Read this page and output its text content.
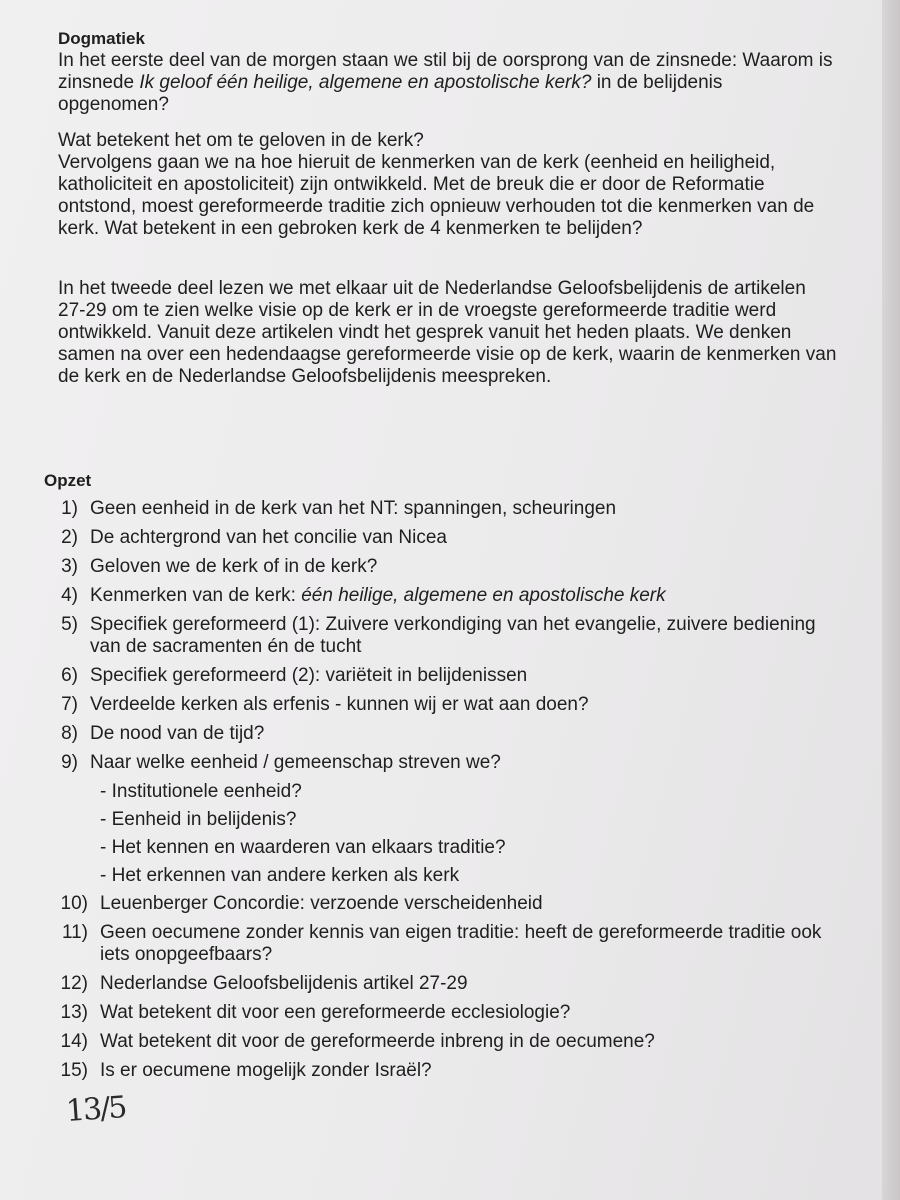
Dogmatiek

In het eerste deel van de morgen staan we stil bij de oorsprong van de zinsnede: Waarom is
zinsnede Ik geloof één heilige, algemene en apostolische kerk? in de belijdenis opgenomen?

Wat betekent het om te geloven in de kerk?
Vervolgens gaan we na hoe hieruit de kenmerken van de kerk (eenheid en heiligheid,
katholiciteit en apostoliciteit) zijn ontwikkeld. Met de breuk die er door de Reformatie
ontstond, moest gereformeerde traditie zich opnieuw verhouden tot die kenmerken van de
kerk. Wat betekent in een gebroken kerk de 4 kenmerken te belijden?

In het tweede deel lezen we met elkaar uit de Nederlandse Geloofsbelijdenis de artikelen
27-29 om te zien welke visie op de kerk er in de vroegste gereformeerde traditie werd
ontwikkeld. Vanuit deze artikelen vindt het gesprek vanuit het heden plaats. We denken
samen na over een hedendaagse gereformeerde visie op de kerk, waarin de kenmerken van
de kerk en de Nederlandse Geloofsbelijdenis meespreken.

Opzet
1) Geen eenheid in de kerk van het NT: spanningen, scheuringen
2) De achtergrond van het concilie van Nicea
3) Geloven we de kerk of in de kerk?
4) Kenmerken van de kerk: één heilige, algemene en apostolische kerk
5) Specifiek gereformeerd (1): Zuivere verkondiging van het evangelie, zuivere bediening van de sacramenten én de tucht
6) Specifiek gereformeerd (2): variëteit in belijdenissen
7) Verdeelde kerken als erfenis - kunnen wij er wat aan doen?
8) De nood van de tijd?
9) Naar welke eenheid / gemeenschap streven we?
- Institutionele eenheid?
- Eenheid in belijdenis?
- Het kennen en waarderen van elkaars traditie?
- Het erkennen van andere kerken als kerk
10) Leuenberger Concordie: verzoende verscheidenheid
11) Geen oecumene zonder kennis van eigen traditie: heeft de gereformeerde traditie ook iets onopgeefbaars?
12) Nederlandse Geloofsbelijdenis artikel 27-29
13) Wat betekent dit voor een gereformeerde ecclesiologie?
14) Wat betekent dit voor de gereformeerde inbreng in de oecumene?
15) Is er oecumene mogelijk zonder Israël?
13/5
